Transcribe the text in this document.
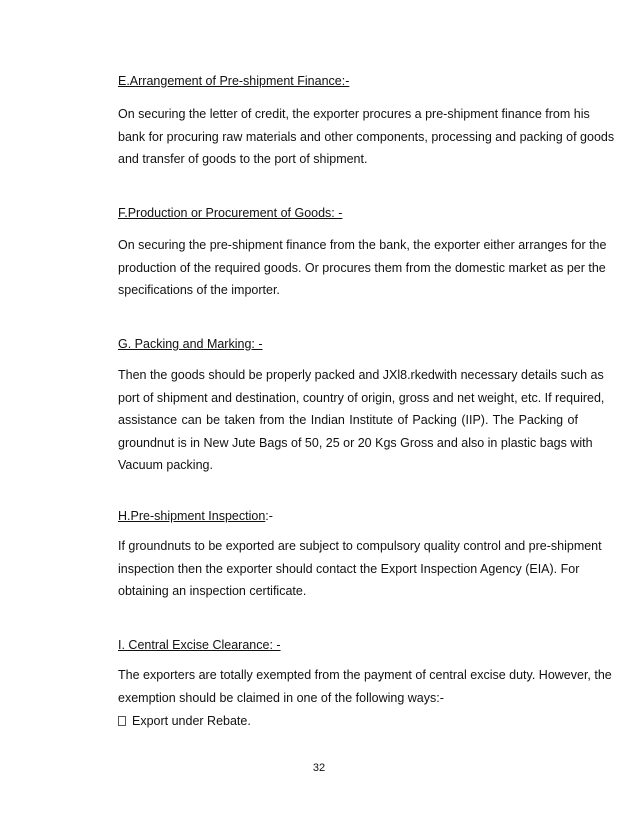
E.Arrangement of Pre-shipment Finance:-
On securing the letter of credit, the exporter procures a pre-shipment finance from his
bank for procuring raw materials and other components, processing and packing of goods
and transfer of goods to the port of shipment.
F.Production or Procurement of Goods: -
On securing the pre-shipment finance from the bank, the exporter either arranges for the
production of the required goods. Or procures them from the domestic market as per the
specifications of the importer.
G. Packing and Marking: -
Then the goods should be properly packed and JXl8.rkedwith necessary details such as
port of shipment and destination, country of origin, gross and net weight, etc. If required,
assistance can be taken from the Indian Institute of Packing (IIP). The Packing of
groundnut is in New Jute Bags of 50, 25 or 20 Kgs Gross and also in plastic bags with
Vacuum packing.
H.Pre-shipment Inspection:-
If groundnuts to be exported are subject to compulsory quality control and pre-shipment
inspection then the exporter should contact the Export Inspection Agency (EIA). For
obtaining an inspection certificate.
I. Central Excise Clearance: -
The exporters are totally exempted from the payment of central excise duty. However, the
exemption should be claimed in one of the following ways:-
Export under Rebate.
32
